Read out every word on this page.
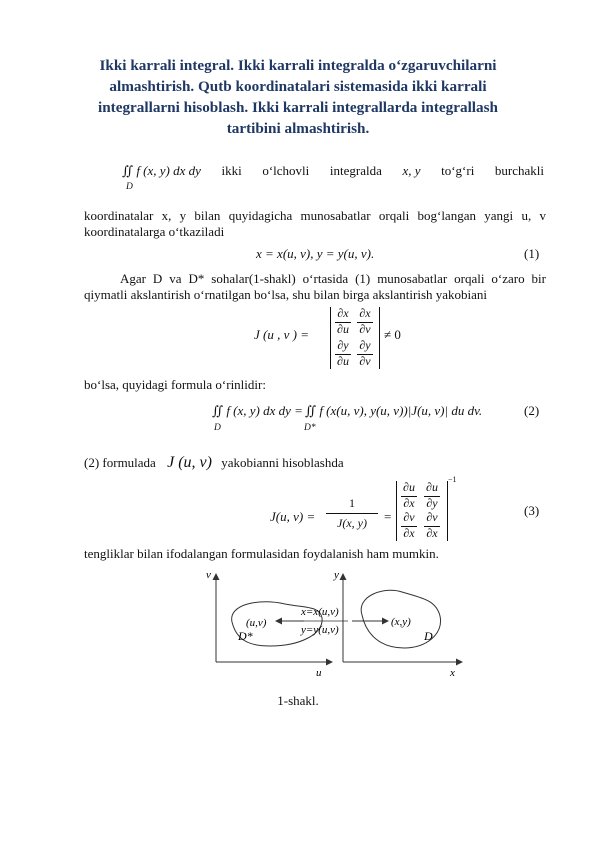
Ikki karrali integral. Ikki karrali integralda o‘zgaruvchilarni almashtirish. Qutb koordinatalari sistemasida ikki karrali integrallarni hisoblash. Ikki karrali integrallarda integrallash tartibini almashtirish.
∬ f (x, y) dx dy ikki o‘lchovli integralda x, y to‘g‘ri burchakli
D
koordinatalar x, y bilan quyidagicha munosabatlar orqali bog‘langan yangi u, v koordinatalarga o‘tkaziladi
x = x(u, v), y = y(u, v).	(1)
Agar D va D* sohalar(1-shakl) o‘rtasida (1) munosabatlar orqali o‘zaro bir qiymatli akslantirish o‘rnatilgan bo‘lsa, shu bilan birga akslantirish yakobiani
J (u , v ) =
∂x
∂u
∂x
∂v
∂y
∂u
∂y
∂v
≠ 0
bo‘lsa, quyidagi formula o‘rinlidir:
∬ f (x, y) dx dy =
D
∬ f (x(u, v), y(u, v))|J(u, v)| du dv.
D*
(2)
(2) formulada J (u, v) yakobianni hisoblashda
J(u, v) =
1
J(x, y)	=
∂u
∂x
∂u
∂y
∂v
∂x
∂v
∂x
−1
(3)
tengliklar bilan ifodalangan formulasidan foydalanish ham mumkin.
v
u
y
x
(u,v)
D*
x=x(u,v)
y=y(u,v)
(x,y)
D
1-shakl.
